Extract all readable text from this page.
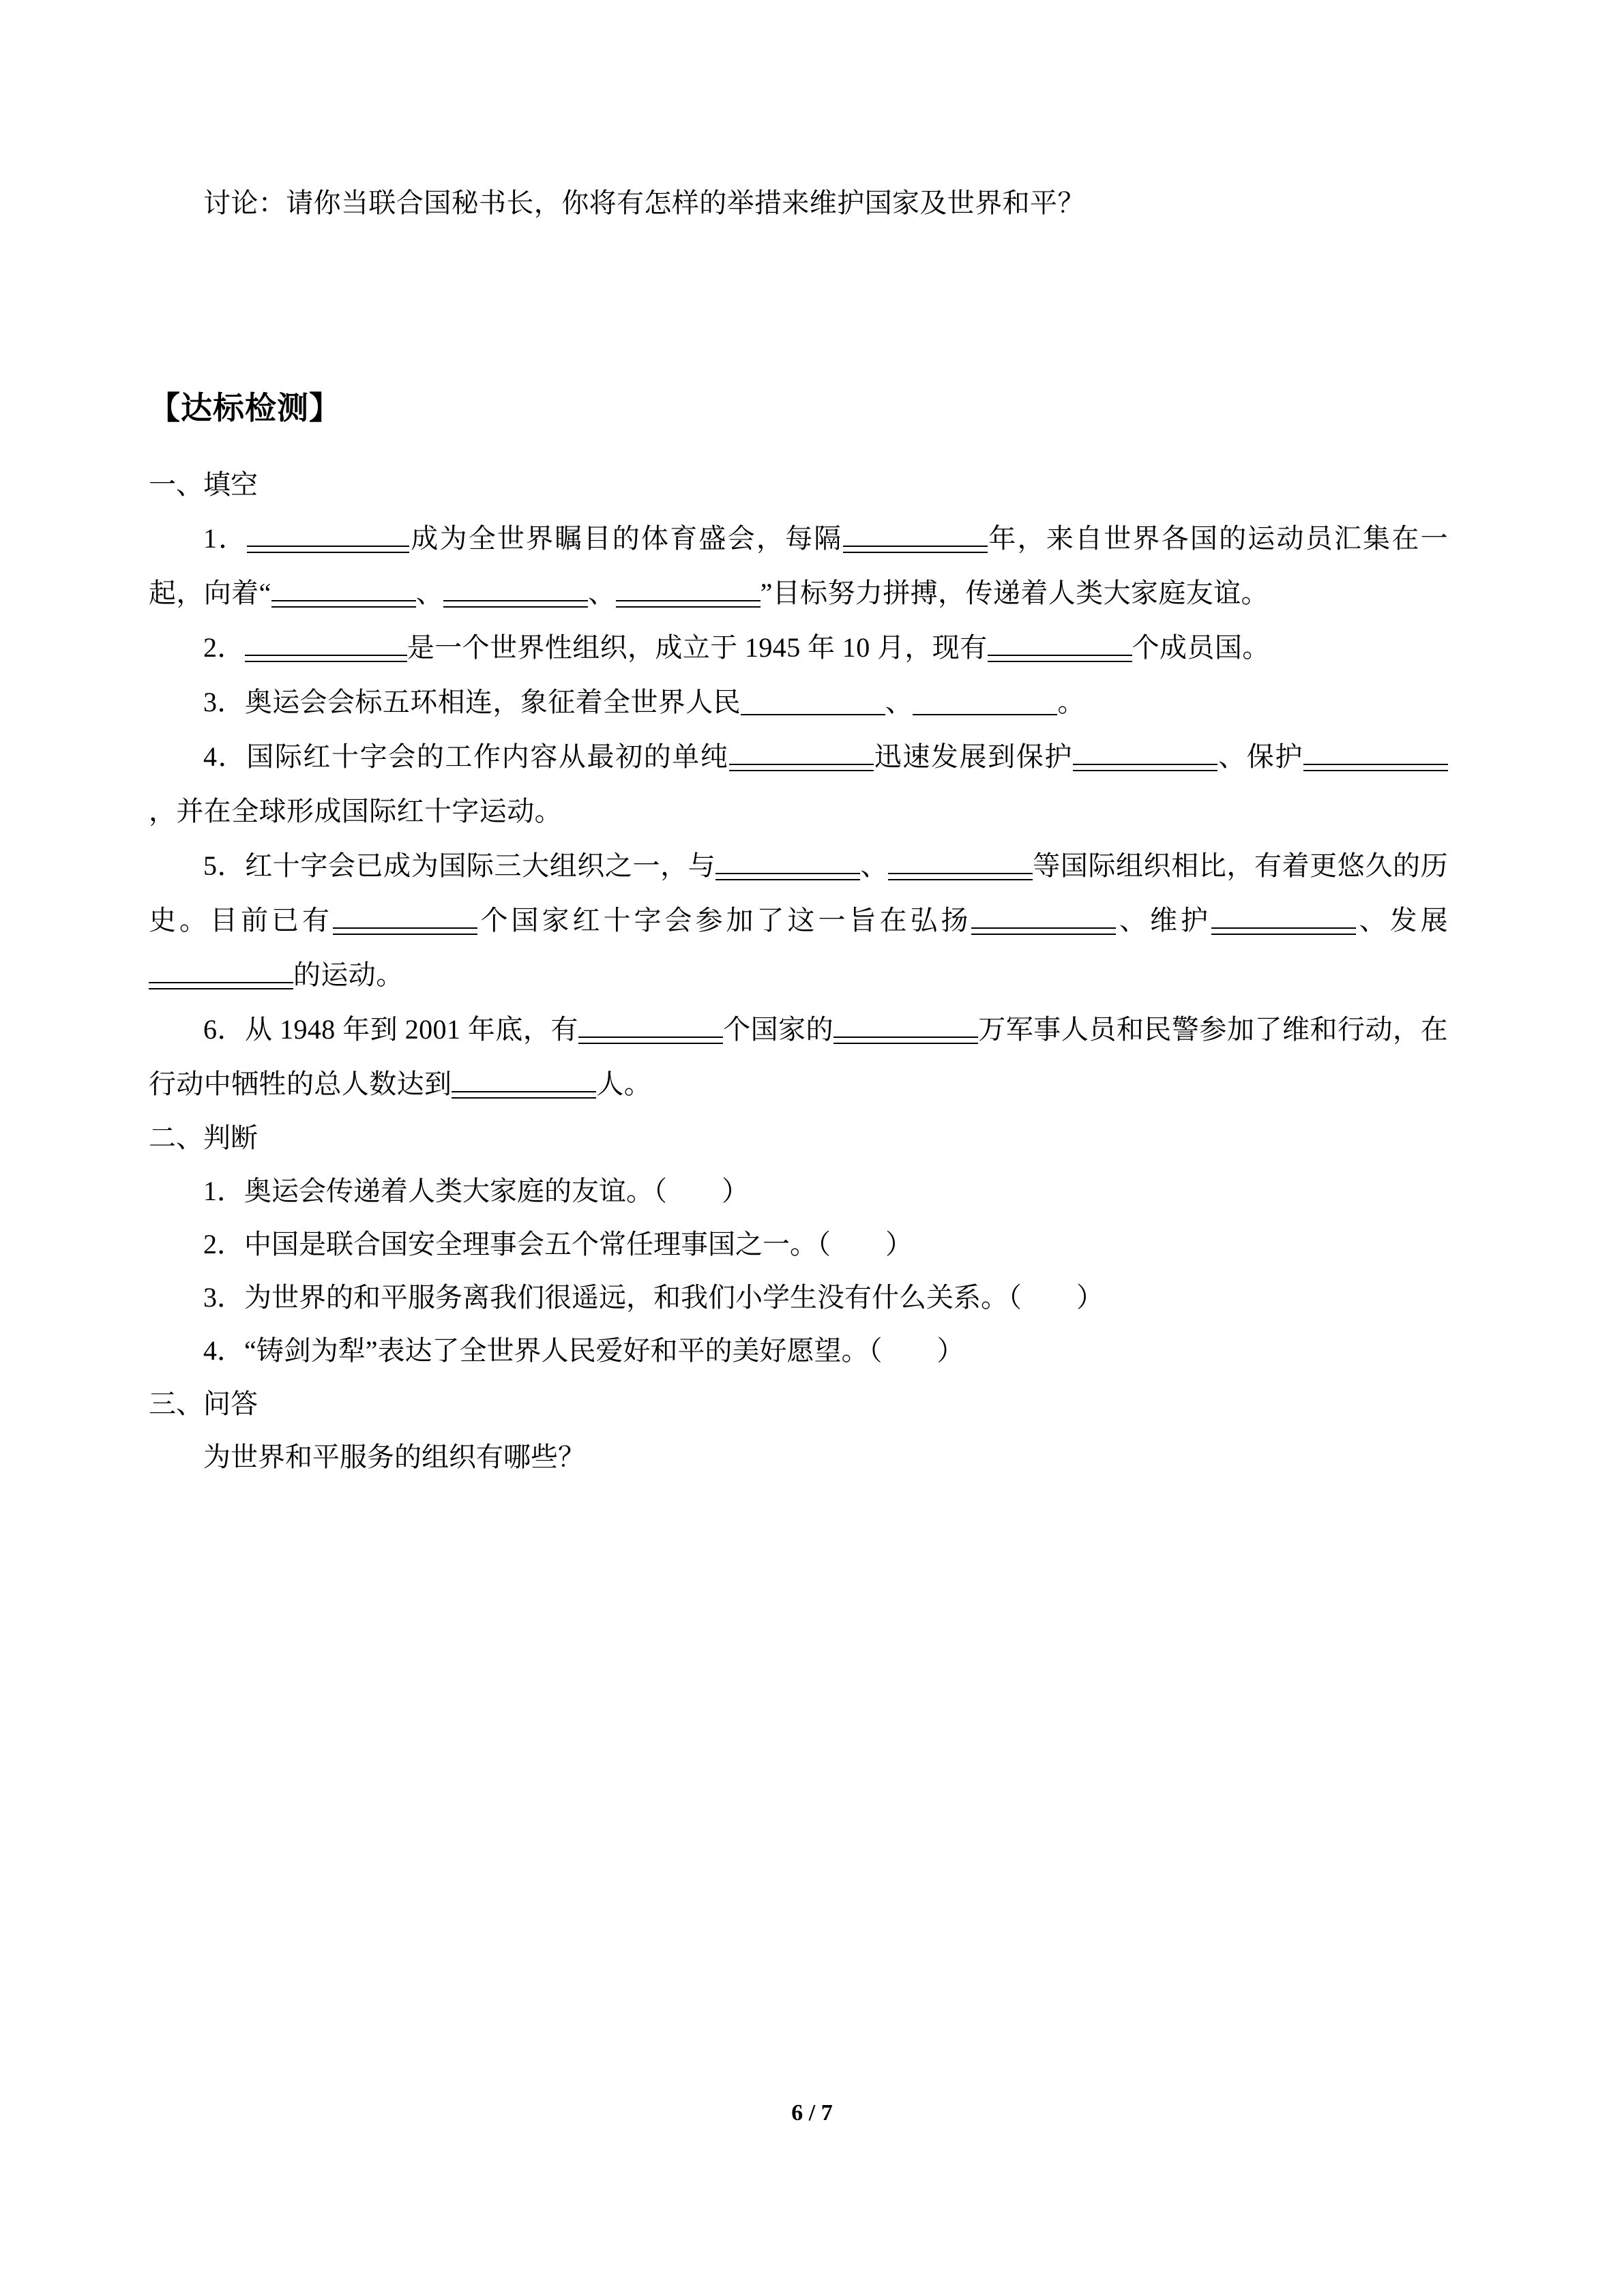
讨论：请你当联合国秘书长，你将有怎样的举措来维护国家及世界和平？

【达标检测】

一、填空

1．	成为全世界瞩目的体育盛会，每隔	年，来自世界各国的运动员汇集在一起，向着“	、	、	”目标努力拼搏，传递着人类大家庭友谊。

2．	是一个世界性组织，成立于 1945 年 10 月，现有	个成员国。

3．奥运会会标五环相连，象征着全世界人民	、	。

4．国际红十字会的工作内容从最初的单纯	迅速发展到保护	、保护，并在全球形成国际红十字运动。

5．红十字会已成为国际三大组织之一，与	、	等国际组织相比，有着更悠久的历史。目前已有	个国家红十字会参加了这一旨在弘扬	、维护	、发展的运动。

6．从 1948 年到 2001 年底，有	个国家的	万军事人员和民警参加了维和行动，在行动中牺牲的总人数达到	人。

二、判断

1．奥运会传递着人类大家庭的友谊。（　　）

2．中国是联合国安全理事会五个常任理事国之一。（　　）

3．为世界的和平服务离我们很遥远，和我们小学生没有什么关系。（　　）

4．“铸剑为犁”表达了全世界人民爱好和平的美好愿望。（　　）

三、问答

为世界和平服务的组织有哪些？

6 / 7
